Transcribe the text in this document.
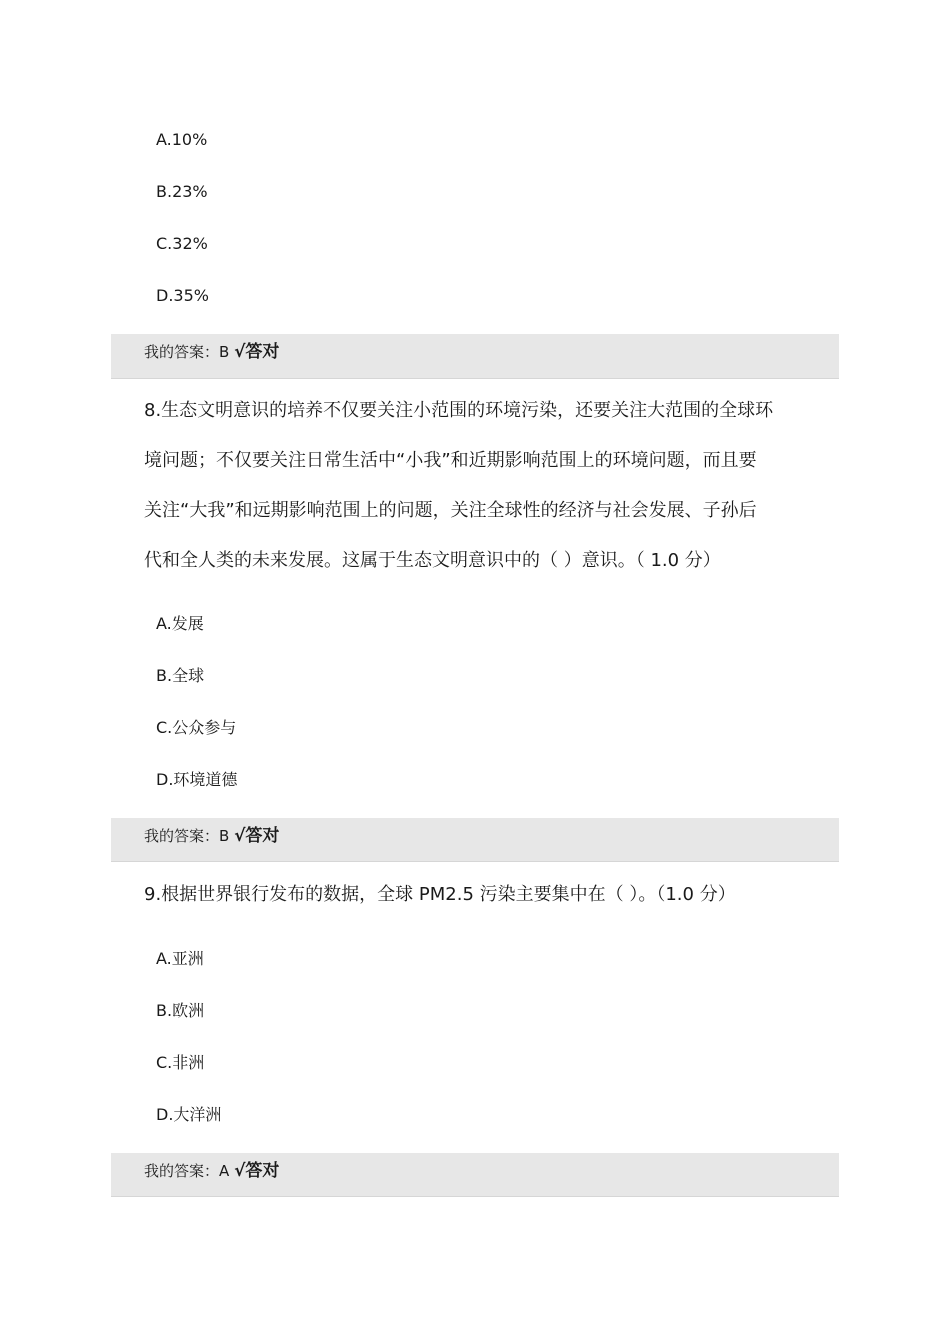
A.10%
B.23%
C.32%
D.35%
我的答案：B √答对
8.生态文明意识的培养不仅要关注小范围的环境污染，还要关注大范围的全球环
境问题；不仅要关注日常生活中“小我”和近期影响范围上的环境问题，而且要
关注“大我”和远期影响范围上的问题，关注全球性的经济与社会发展、子孙后
代和全人类的未来发展。这属于生态文明意识中的（ ）意识。（ 1.0 分）
A.发展
B.全球
C.公众参与
D.环境道德
我的答案：B √答对
9.根据世界银行发布的数据，全球 PM2.5 污染主要集中在（ ）。（1.0 分）
A.亚洲
B.欧洲
C.非洲
D.大洋洲
我的答案：A √答对
